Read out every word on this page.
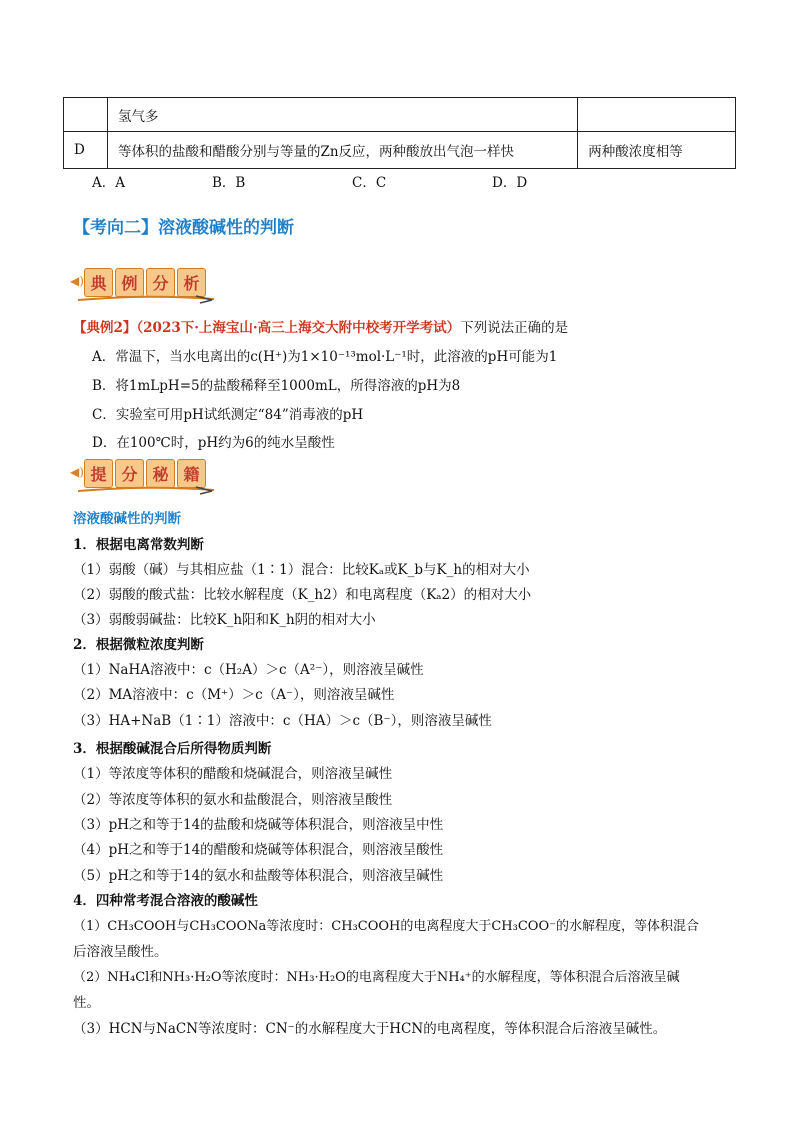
	氢气多	
D	等体积的盐酸和醋酸分别与等量的Zn反应，两种酸放出气泡一样快	两种酸浓度相等
A．A	B．B	C．C	D．D
【考向二】溶液酸碱性的判断
◀) 典 例 分 析
【典例2】（2023下·上海宝山·高三上海交大附中校考开学考试）下列说法正确的是
A．常温下，当水电离出的c(H⁺)为1×10⁻¹³mol·L⁻¹时，此溶液的pH可能为1
B．将1mLpH=5的盐酸稀释至1000mL，所得溶液的pH为8
C．实验室可用pH试纸测定“84”消毒液的pH
D．在100℃时，pH约为6的纯水呈酸性
◀) 提 分 秘 籍
溶液酸碱性的判断
1．根据电离常数判断
（1）弱酸（碱）与其相应盐（1∶1）混合：比较Kₐ或K_b与K_h的相对大小
（2）弱酸的酸式盐：比较水解程度（K_h2）和电离程度（Kₐ2）的相对大小
（3）弱酸弱碱盐：比较K_h阳和K_h阴的相对大小
2．根据微粒浓度判断
（1）NaHA溶液中：c（H₂A）＞c（A²⁻），则溶液呈碱性
（2）MA溶液中：c（M⁺）＞c（A⁻），则溶液呈碱性
（3）HA+NaB（1∶1）溶液中：c（HA）＞c（B⁻），则溶液呈碱性
3．根据酸碱混合后所得物质判断
（1）等浓度等体积的醋酸和烧碱混合，则溶液呈碱性
（2）等浓度等体积的氨水和盐酸混合，则溶液呈酸性
（3）pH之和等于14的盐酸和烧碱等体积混合，则溶液呈中性
（4）pH之和等于14的醋酸和烧碱等体积混合，则溶液呈酸性
（5）pH之和等于14的氨水和盐酸等体积混合，则溶液呈碱性
4．四种常考混合溶液的酸碱性
（1）CH₃COOH与CH₃COONa等浓度时：CH₃COOH的电离程度大于CH₃COO⁻的水解程度，等体积混合
后溶液呈酸性。
（2）NH₄Cl和NH₃·H₂O等浓度时：NH₃·H₂O的电离程度大于NH₄⁺的水解程度，等体积混合后溶液呈碱
性。
（3）HCN与NaCN等浓度时：CN⁻的水解程度大于HCN的电离程度，等体积混合后溶液呈碱性。
